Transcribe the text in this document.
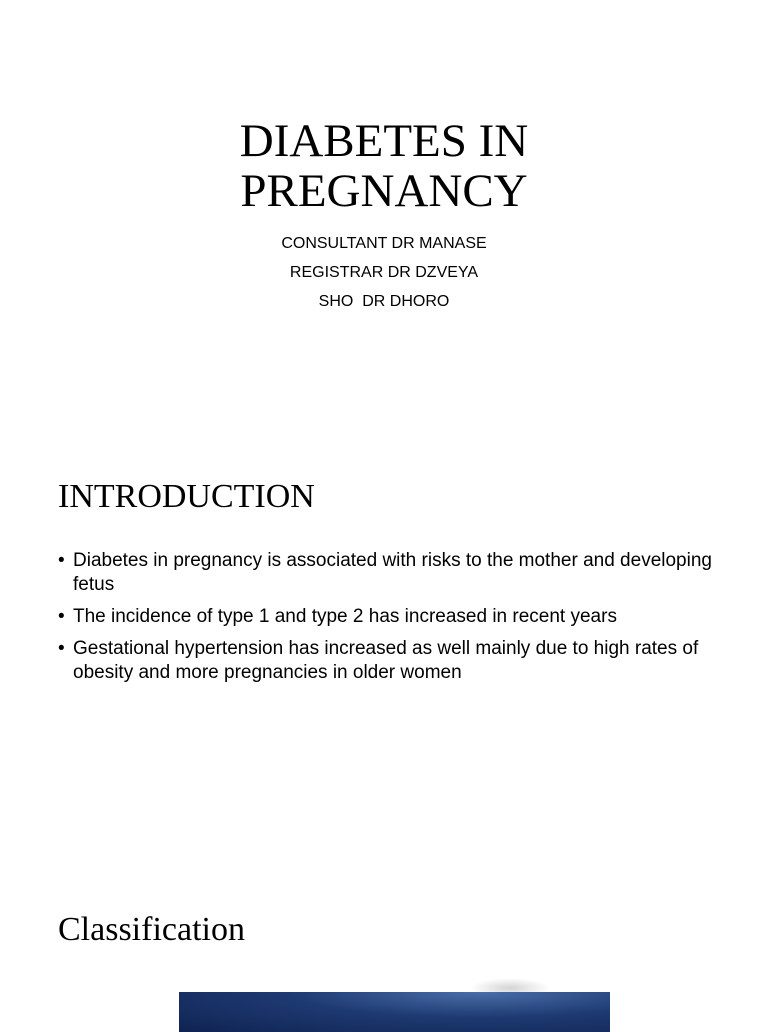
DIABETES IN
PREGNANCY
CONSULTANT DR MANASE
REGISTRAR DR DZVEYA
SHO  DR DHORO
INTRODUCTION
• Diabetes in pregnancy is associated with risks to the mother and developing fetus
• The incidence of type 1 and type 2 has increased in recent years
• Gestational hypertension has increased as well mainly due to high rates of obesity and more pregnancies in older women
Classification
